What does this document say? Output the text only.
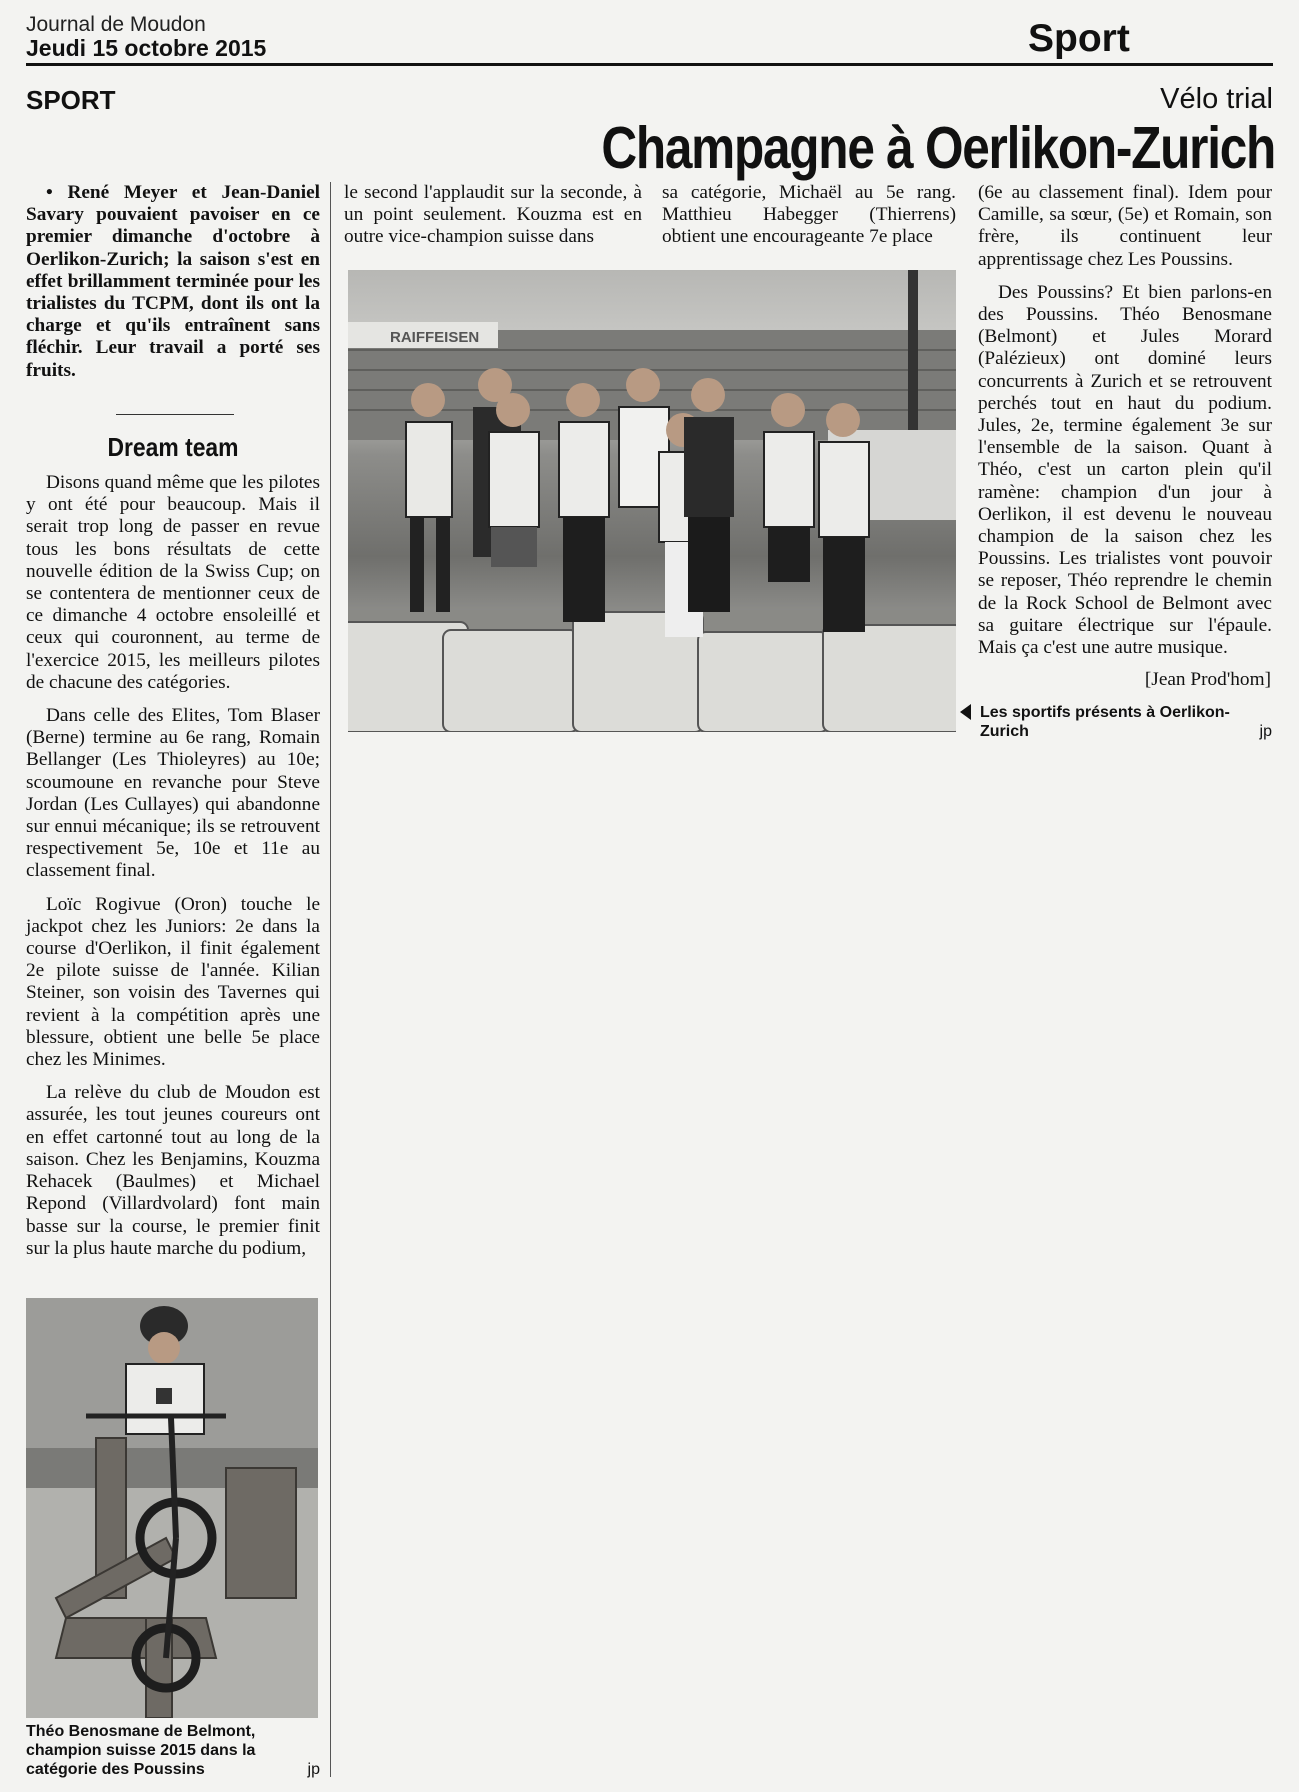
Journal de Moudon
Jeudi 15 octobre 2015	Sport
SPORT	Vélo trial
Champagne à Oerlikon-Zurich

• René Meyer et Jean-Daniel Savary pouvaient pavoiser en ce premier dimanche d'octobre à Oerlikon-Zurich; la saison s'est en effet brillamment terminée pour les trialistes du TCPM, dont ils ont la charge et qu'ils entraînent sans fléchir. Leur travail a porté ses fruits.

Dream team

Disons quand même que les pilotes y ont été pour beaucoup. Mais il serait trop long de passer en revue tous les bons résultats de cette nouvelle édition de la Swiss Cup; on se contentera de mentionner ceux de ce dimanche 4 octobre ensoleillé et ceux qui couronnent, au terme de l'exercice 2015, les meilleurs pilotes de chacune des catégories.

Dans celle des Elites, Tom Blaser (Berne) termine au 6e rang, Romain Bellanger (Les Thioleyres) au 10e; scoumoune en revanche pour Steve Jordan (Les Cullayes) qui abandonne sur ennui mécanique; ils se retrouvent respectivement 5e, 10e et 11e au classement final.

Loïc Rogivue (Oron) touche le jackpot chez les Juniors: 2e dans la course d'Oerlikon, il finit également 2e pilote suisse de l'année. Kilian Steiner, son voisin des Tavernes qui revient à la compétition après une blessure, obtient une belle 5e place chez les Minimes.

La relève du club de Moudon est assurée, les tout jeunes coureurs ont en effet cartonné tout au long de la saison. Chez les Benjamins, Kouzma Rehacek (Baulmes) et Michael Repond (Villardvolard) font main basse sur la course, le premier finit sur la plus haute marche du podium,

le second l'applaudit sur la seconde, à un point seulement. Kouzma est en outre vice-champion suisse dans

sa catégorie, Michaël au 5e rang. Matthieu Habegger (Thierrens) obtient une encourageante 7e place

(6e au classement final). Idem pour Camille, sa sœur, (5e) et Romain, son frère, ils continuent leur apprentissage chez Les Poussins.

Des Poussins? Et bien parlons-en des Poussins. Théo Benosmane (Belmont) et Jules Morard (Palézieux) ont dominé leurs concurrents à Zurich et se retrouvent perchés tout en haut du podium. Jules, 2e, termine également 3e sur l'ensemble de la saison. Quant à Théo, c'est un carton plein qu'il ramène: champion d'un jour à Oerlikon, il est devenu le nouveau champion de la saison chez les Poussins. Les trialistes vont pouvoir se reposer, Théo reprendre le chemin de la Rock School de Belmont avec sa guitare électrique sur l'épaule. Mais ça c'est une autre musique.

[Jean Prod'hom]
RAIFFEISEN
Les sportifs présents à Oerlikon-Zurich	jp
Théo Benosmane de Belmont, champion suisse 2015 dans la catégorie des Poussins	jp
